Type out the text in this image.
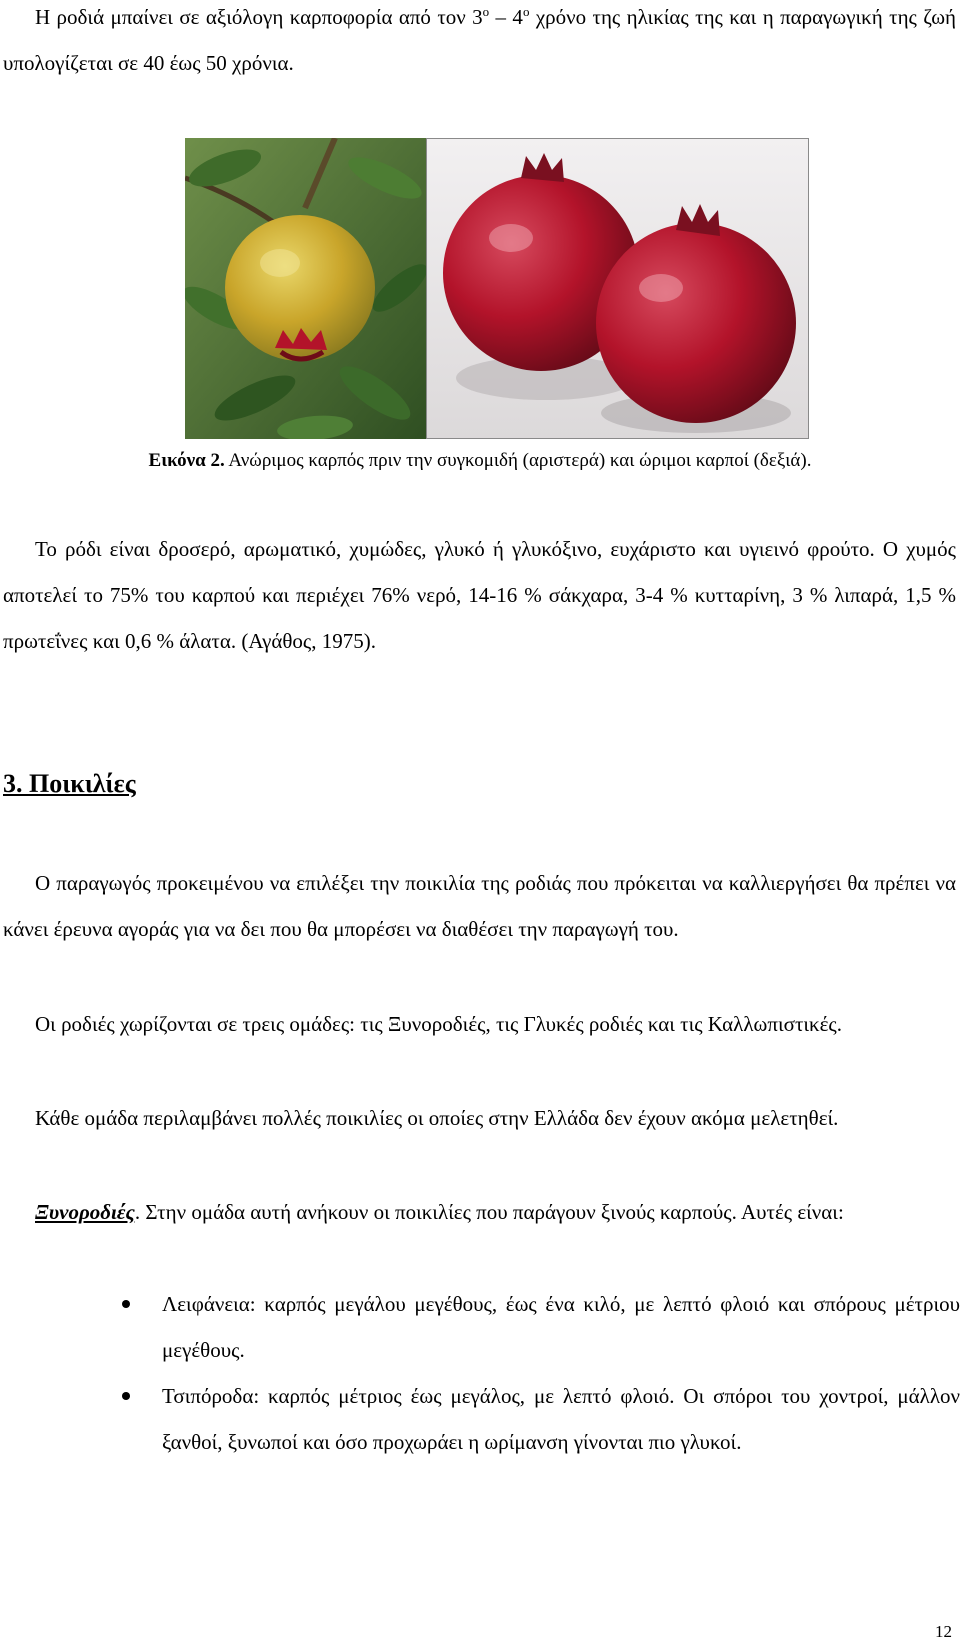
Η ροδιά μπαίνει σε αξιόλογη καρποφορία από τον $3^o - 4^o$ χρόνο της ηλικίας της και η παραγωγική της ζωή υπολογίζεται σε 40 έως 50 χρόνια.

Εικόνα 2. Ανώριμος καρπός πριν την συγκομιδή (αριστερά) και ώριμοι καρποί (δεξιά).

Το ρόδι είναι δροσερό, αρωματικό, χυμώδες, γλυκό ή γλυκόξινο, ευχάριστο και υγιεινό φρούτο. Ο χυμός αποτελεί το 75% του καρπού και περιέχει 76% νερό, 14-16 % σάκχαρα, 3-4 % κυτταρίνη, 3 % λιπαρά, 1,5 % πρωτεΐνες και 0,6 % άλατα. (Αγάθος, 1975).

3. Ποικιλίες

Ο παραγωγός προκειμένου να επιλέξει την ποικιλία της ροδιάς που πρόκειται να καλλιεργήσει θα πρέπει να κάνει έρευνα αγοράς για να δει που θα μπορέσει να διαθέσει την παραγωγή του.

Οι ροδιές χωρίζονται σε τρεις ομάδες: τις Ξυνοροδιές, τις Γλυκές ροδιές και τις Καλλωπιστικές.

Κάθε ομάδα περιλαμβάνει πολλές ποικιλίες οι οποίες στην Ελλάδα δεν έχουν ακόμα μελετηθεί.

Ξυνοροδιές. Στην ομάδα αυτή ανήκουν οι ποικιλίες που παράγουν ξινούς καρπούς. Αυτές είναι:

Λειφάνεια: καρπός μεγάλου μεγέθους, έως ένα κιλό, με λεπτό φλοιό και σπόρους μέτριου μεγέθους.
Τσιπόροδα: καρπός μέτριος έως μεγάλος, με λεπτό φλοιό. Οι σπόροι του χοντροί, μάλλον ξανθοί, ξυνωποί και όσο προχωράει η ωρίμανση γίνονται πιο γλυκοί.
12
